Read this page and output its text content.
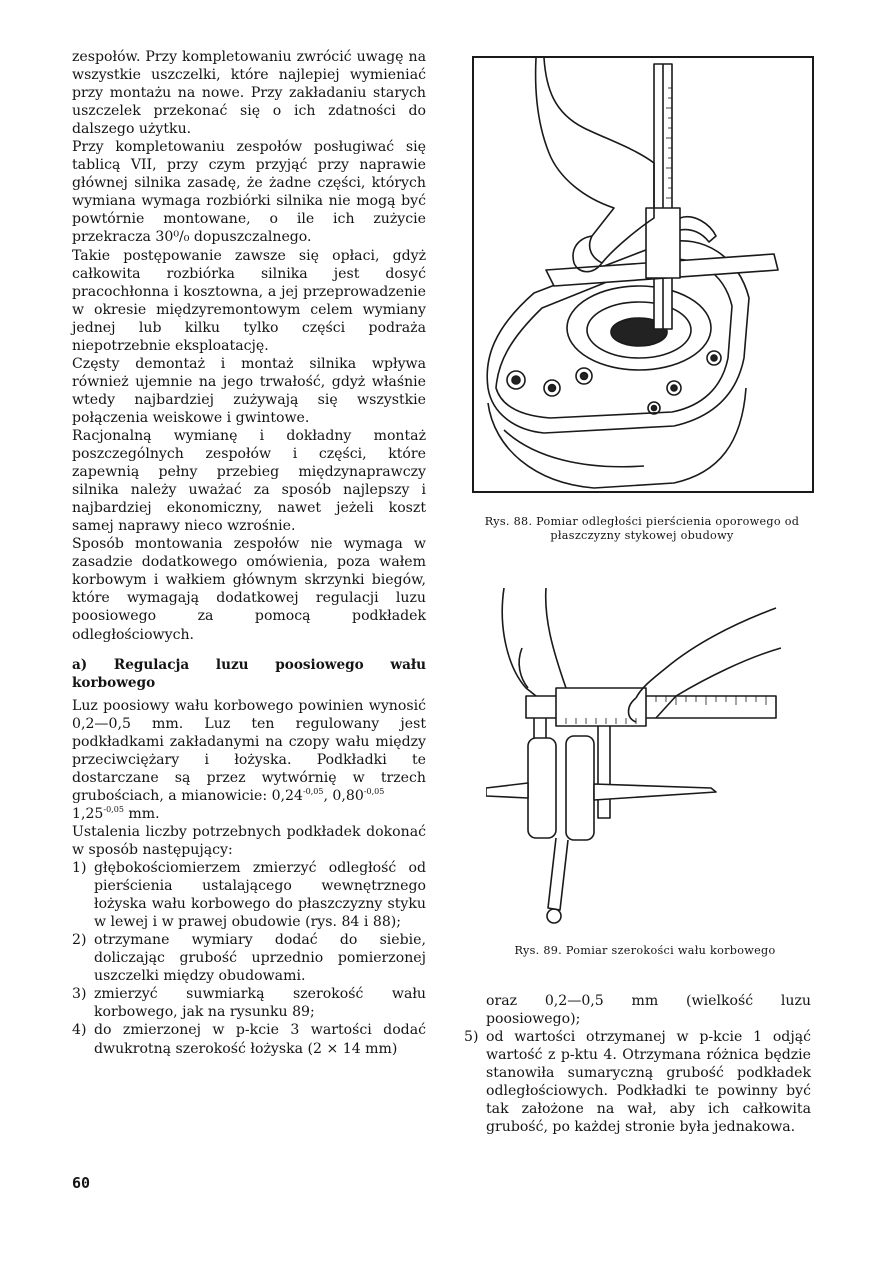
zespołów. Przy kompletowaniu zwrócić uwagę na wszystkie uszczelki, które najlepiej wymieniać przy montażu na nowe. Przy zakładaniu starych uszczelek przekonać się o ich zdatności do dalszego użytku.

Przy kompletowaniu zespołów posługiwać się tablicą VII, przy czym przyjąć przy naprawie głównej silnika zasadę, że żadne części, których wymiana wymaga rozbiórki silnika nie mogą być powtórnie montowane, o ile ich zużycie przekracza 30⁰/₀ dopuszczalnego.

Takie postępowanie zawsze się opłaci, gdyż całkowita rozbiórka silnika jest dosyć pracochłonna i kosztowna, a jej przeprowadzenie w okresie międzyremontowym celem wymiany jednej lub kilku tylko części podraża niepotrzebnie eksploatację.

Częsty demontaż i montaż silnika wpływa również ujemnie na jego trwałość, gdyż właśnie wtedy najbardziej zużywają się wszystkie połączenia weiskowe i gwintowe.

Racjonalną wymianę i dokładny montaż poszczególnych zespołów i części, które zapewnią pełny przebieg międzynaprawczy silnika należy uważać za sposób najlepszy i najbardziej ekonomiczny, nawet jeżeli koszt samej naprawy nieco wzrośnie.

Sposób montowania zespołów nie wymaga w zasadzie dodatkowego omówienia, poza wałem korbowym i wałkiem głównym skrzynki biegów, które wymagają dodatkowej regulacji luzu poosiowego za pomocą podkładek odległościowych.

a) Regulacja luzu poosiowego wału korbowego

Luz poosiowy wału korbowego powinien wynosić 0,2—0,5 mm. Luz ten regulowany jest podkładkami zakładanymi na czopy wału między przeciwciężary i łożyska. Podkładki te dostarczane są przez wytwórnię w trzech grubościach, a mianowicie: $0,24^{-0,05}$, $0,80^{-0,05}$
$1,25^{-0,05}$ mm.

Ustalenia liczby potrzebnych podkładek dokonać w sposób następujący:

1) głębokościomierzem zmierzyć odległość od pierścienia ustalającego wewnętrznego łożyska wału korbowego do płaszczyzny styku w lewej i w prawej obudowie (rys. 84 i 88);
2) otrzymane wymiary dodać do siebie, doliczając grubość uprzednio pomierzonej uszczelki między obudowami.
3) zmierzyć suwmiarką szerokość wału korbowego, jak na rysunku 89;
4) do zmierzonej w p-kcie 3 wartości dodać dwukrotną szerokość łożyska (2 × 14 mm)
Rys. 88. Pomiar odległości pierścienia oporowego od płaszczyzny stykowej obudowy
Rys. 89. Pomiar szerokości wału korbowego

oraz 0,2—0,5 mm (wielkość luzu poosiowego);

5) od wartości otrzymanej w p-kcie 1 odjąć wartość z p-ktu 4. Otrzymana różnica będzie stanowiła sumaryczną grubość podkładek odległościowych. Podkładki te powinny być tak założone na wał, aby ich całkowita grubość, po każdej stronie była jednakowa.
60
